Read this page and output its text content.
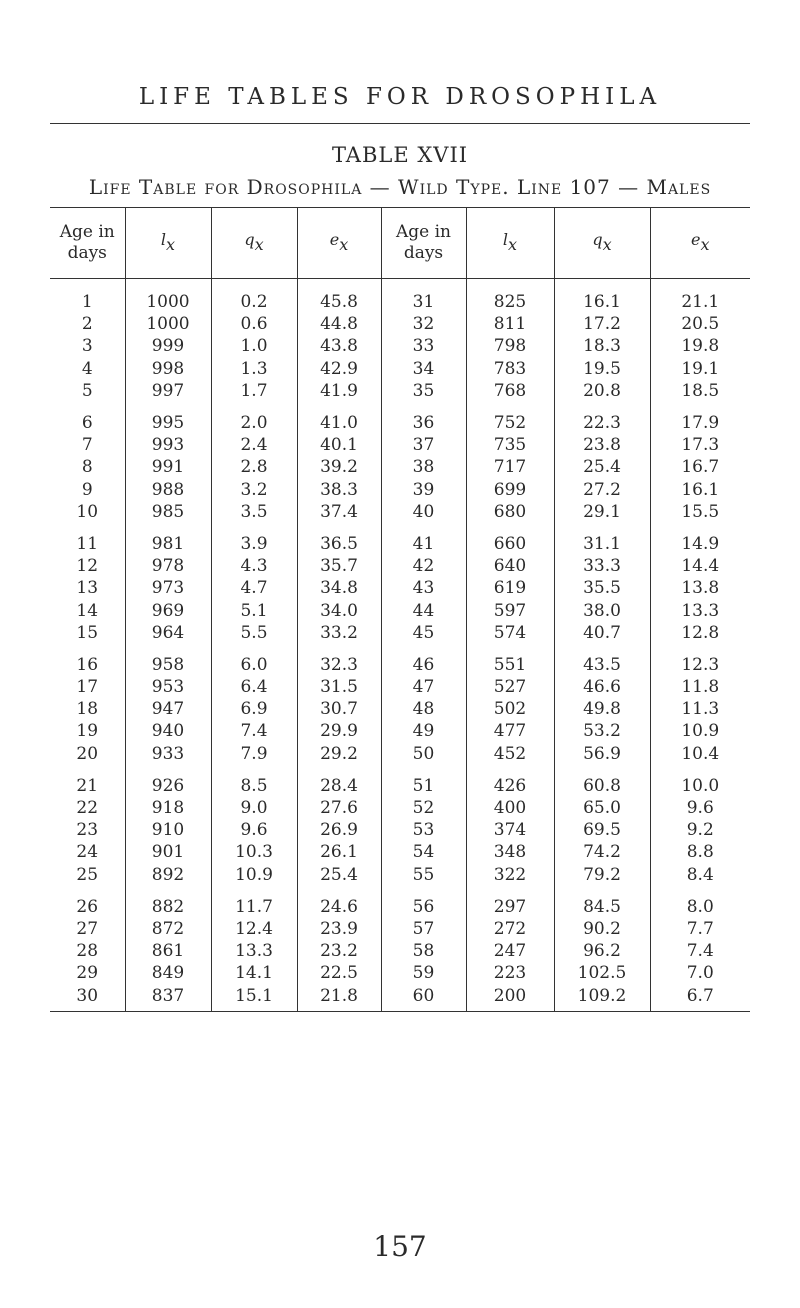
LIFE TABLES FOR DROSOPHILA
TABLE XVII
Life Table for Drosophila — Wild Type. Line 107 — Males
Age in days	$l_x$	$q_x$	$e_x$	Age in days	$l_x$	$q_x$	$e_x$

1	1000	0.2	45.8	31	825	16.1	21.1
2	1000	0.6	44.8	32	811	17.2	20.5
3	999	1.0	43.8	33	798	18.3	19.8
4	998	1.3	42.9	34	783	19.5	19.1
5	997	1.7	41.9	35	768	20.8	18.5

6	995	2.0	41.0	36	752	22.3	17.9
7	993	2.4	40.1	37	735	23.8	17.3
8	991	2.8	39.2	38	717	25.4	16.7
9	988	3.2	38.3	39	699	27.2	16.1
10	985	3.5	37.4	40	680	29.1	15.5

11	981	3.9	36.5	41	660	31.1	14.9
12	978	4.3	35.7	42	640	33.3	14.4
13	973	4.7	34.8	43	619	35.5	13.8
14	969	5.1	34.0	44	597	38.0	13.3
15	964	5.5	33.2	45	574	40.7	12.8

16	958	6.0	32.3	46	551	43.5	12.3
17	953	6.4	31.5	47	527	46.6	11.8
18	947	6.9	30.7	48	502	49.8	11.3
19	940	7.4	29.9	49	477	53.2	10.9
20	933	7.9	29.2	50	452	56.9	10.4

21	926	8.5	28.4	51	426	60.8	10.0
22	918	9.0	27.6	52	400	65.0	9.6
23	910	9.6	26.9	53	374	69.5	9.2
24	901	10.3	26.1	54	348	74.2	8.8
25	892	10.9	25.4	55	322	79.2	8.4

26	882	11.7	24.6	56	297	84.5	8.0
27	872	12.4	23.9	57	272	90.2	7.7
28	861	13.3	23.2	58	247	96.2	7.4
29	849	14.1	22.5	59	223	102.5	7.0
30	837	15.1	21.8	60	200	109.2	6.7

157
